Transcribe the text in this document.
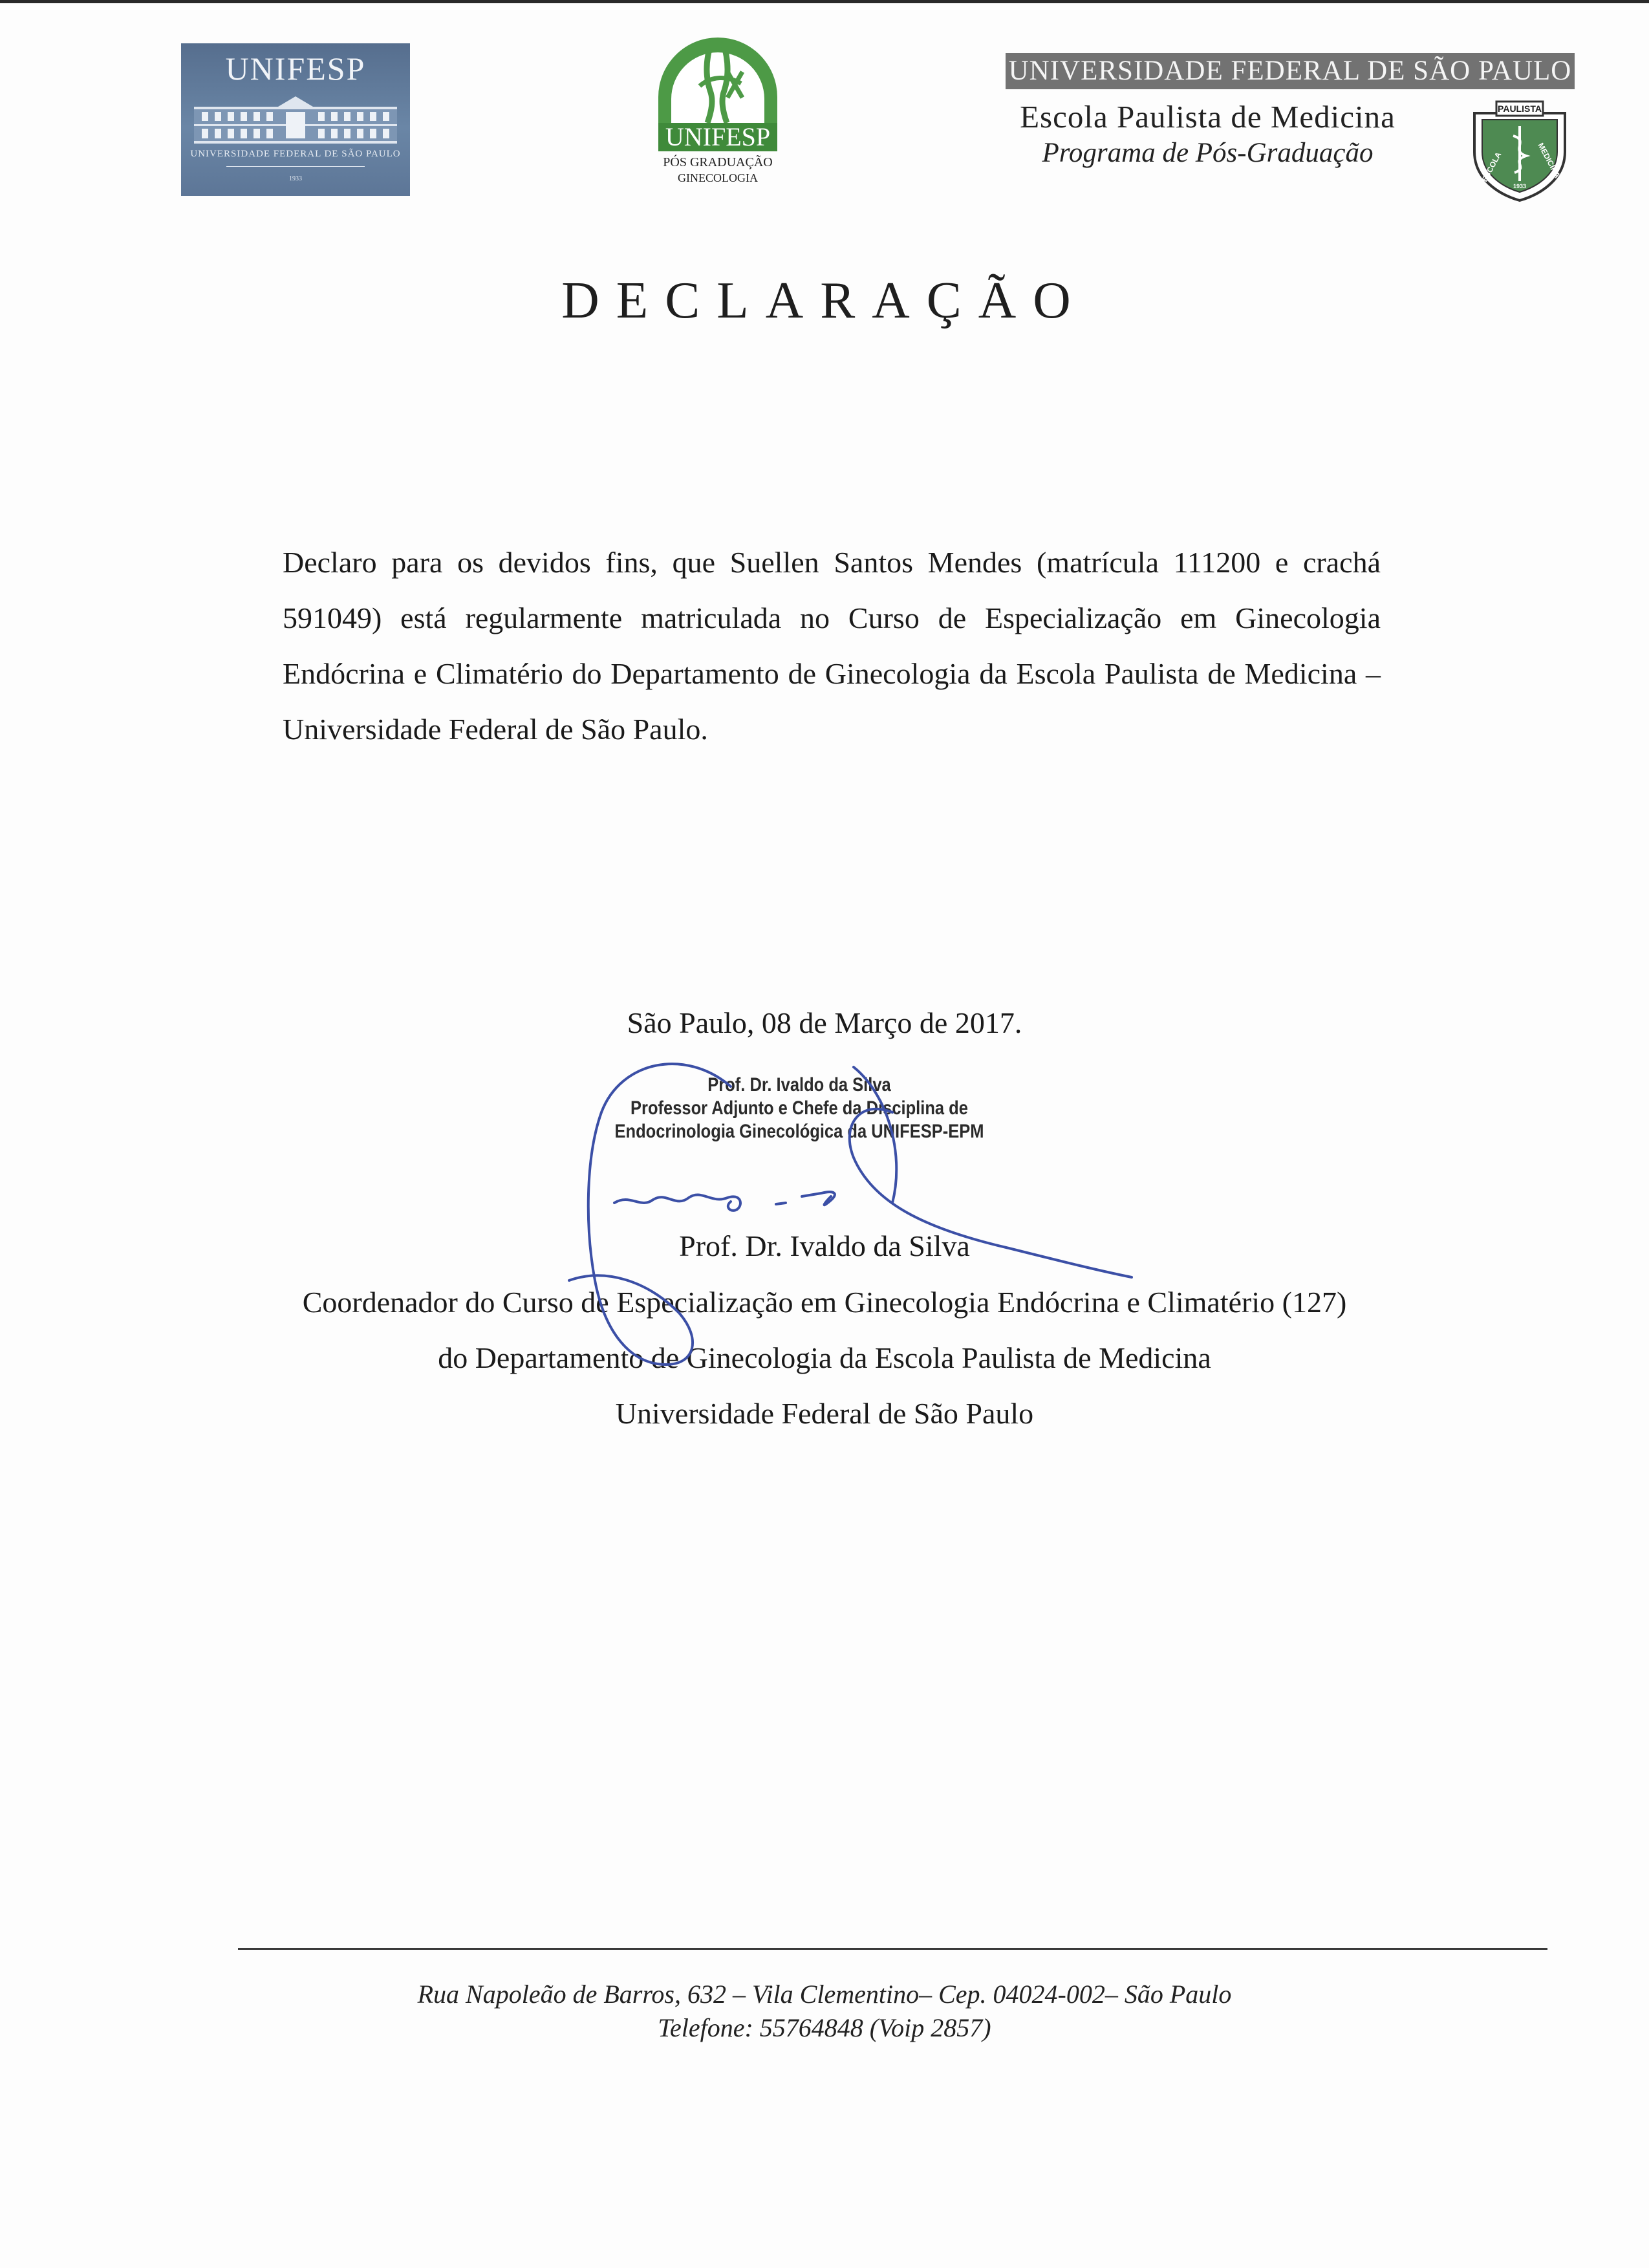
UNIFESP
UNIVERSIDADE FEDERAL DE SÃO PAULO
1933
UNIFESP
PÓS GRADUAÇÃO
GINECOLOGIA
UNIVERSIDADE FEDERAL DE SÃO PAULO
Escola Paulista de Medicina
Programa de Pós-Graduação
PAULISTA
ESCOLA	MEDICINA
1933
DECLARAÇÃO

Declaro para os devidos fins, que Suellen Santos Mendes (matrícula 111200 e crachá 591049) está regularmente matriculada no Curso de Especialização em Ginecologia Endócrina e Climatério do Departamento de Ginecologia da Escola Paulista de Medicina – Universidade Federal de São Paulo.

São Paulo, 08 de Março de 2017.
Prof. Dr. Ivaldo da Silva
Professor Adjunto e Chefe da Disciplina de
Endocrinologia Ginecológica da UNIFESP-EPM
Prof. Dr. Ivaldo da Silva
Coordenador do Curso de Especialização em Ginecologia Endócrina e Climatério (127)
do Departamento de Ginecologia da Escola Paulista de Medicina
Universidade Federal de São Paulo
Rua Napoleão de Barros, 632 – Vila Clementino– Cep. 04024-002– São Paulo
Telefone: 55764848 (Voip 2857)
